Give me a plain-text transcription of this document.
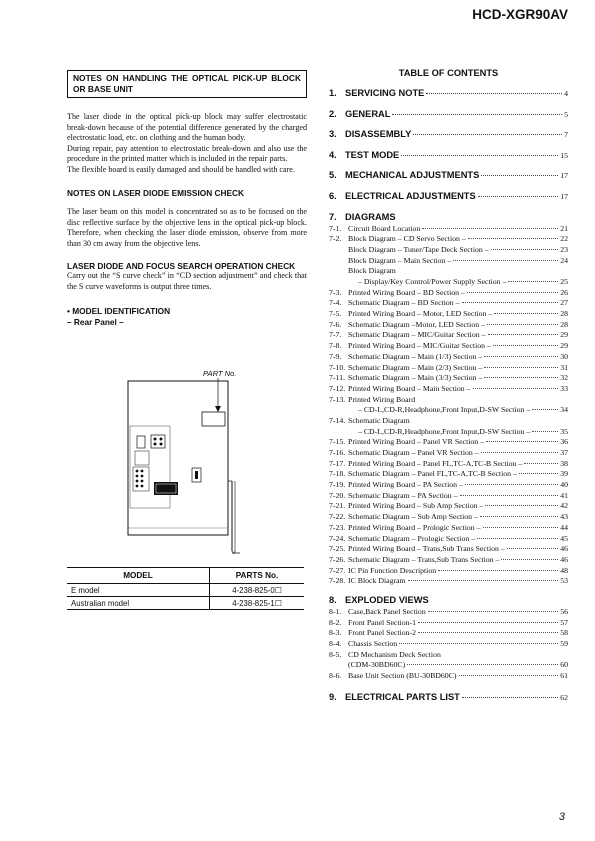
HCD-XGR90AV
NOTES ON HANDLING THE OPTICAL PICK-UP BLOCK OR BASE UNIT

The laser diode in the optical pick-up block may suffer electrostatic break-down because of the potential difference generated by the charged electrostatic load, etc. on clothing and the human body.

During repair, pay attention to electrostatic break-down and also use the procedure in the printed matter which is included in the repair parts.

The flexible board is easily damaged and should be handled with care.

NOTES ON LASER DIODE EMISSION CHECK

The laser beam on this model is concentrated so as to be focused on the disc reflective surface by the objective lens in the optical pick-up block. Therefore, when checking the laser diode emission, observe from more than 30 cm away from the objective lens.

LASER DIODE AND FOCUS SEARCH OPERATION CHECK

Carry out the “S curve check” in “CD section adjustment” and check that the S curve waveforms is output three times.

• MODEL IDENTIFICATION

– Rear Panel –

PART No.
MODEL	PARTS No.
E model	4-238-825-0☐
Australian model	4-238-825-1☐
TABLE OF CONTENTS
1. SERVICING NOTE	4
2. GENERAL	5
3. DISASSEMBLY	7
4. TEST MODE	15
5. MECHANICAL ADJUSTMENTS	17
6. ELECTRICAL ADJUSTMENTS	17
7. DIAGRAMS
7-1. Circuit Board Location	21
7-2. Block Diagram – CD Servo Section –	22
Block Diagram – Tuner/Tape Deck Section –	23
Block Diagram – Main Section –	24
Block Diagram
– Display/Key Control/Power Supply Section –	25
7-3. Printed Wiring Board – BD Section –	26
7-4. Schematic Diagram – BD Section –	27
7-5. Printed Wiring Board – Motor, LED Section –	28
7-6. Schematic Diagram –Motor, LED Section –	28
7-7. Schematic Diagram – MIC/Guitar Section –	29
7-8. Printed Wiring Board – MIC/Guitar Section –	29
7-9. Schematic Diagram – Main (1/3) Section –	30
7-10. Schematic Diagram – Main (2/3) Section –	31
7-11. Schematic Diagram – Main (3/3) Section –	32
7-12. Printed Wiring Board – Main Section –	33
7-13. Printed Wiring Board
– CD-L,CD-R,Headphone,Front Input,D-SW Section –	34
7-14. Schematic Diagram
– CD-L,CD-R,Headphone,Front Input,D-SW Section –	35
7-15. Printed Wiring Board – Panel VR Section –	36
7-16. Schematic Diagram – Panel VR Section –	37
7-17. Printed Wiring Board – Panel FL,TC-A,TC-B Section –	38
7-18. Schematic Diagram – Panel FL,TC-A,TC-B Section –	39
7-19. Printed Wiring Board – PA Section –	40
7-20. Schematic Diagram – PA Section –	41
7-21. Printed Wiring Board – Sub Amp Section –	42
7-22. Schematic Diagram – Sub Amp Section –	43
7-23. Printed Wiring Board – Prologic Section –	44
7-24. Schematic Diagram – Prologic Section –	45
7-25. Printed Wiring Board – Trans,Sub Trans Section –	46
7-26. Schematic Diagram – Trans,Sub Trans Section –	46
7-27. IC Pin Function Description	48
7-28. IC Block Diagram	53
8. EXPLODED VIEWS
8-1. Case,Back Panel Section	56
8-2. Front Panel Section-1	57
8-3. Front Panel Section-2	58
8-4. Chassis Section	59
8-5. CD Mechanism Deck Section
(CDM-30BD60C)	60
8-6. Base Unit Section (BU-30BD60C)	61
9. ELECTRICAL PARTS LIST	62
3
